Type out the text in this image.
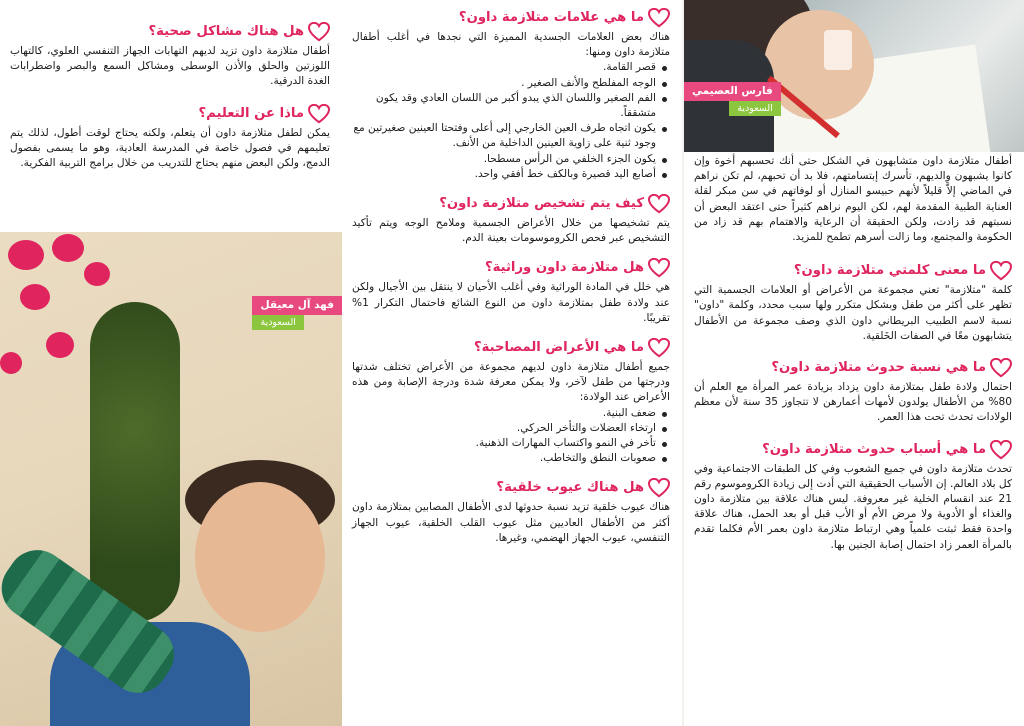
فارس العصيمي
السعودية

أطفال متلازمة داون متشابهون في الشكل حتى أنك تحسبهم أخوة وإن كانوا يشبهون والديهم، تأسرك إبتسامتهم، فلا بد أن تحبهم، لم تكن نراهم في الماضي إلاَّ قليلاً لأنهم حبيسو المنازل أو لوفاتهم في سن مبكر لقلة العناية الطبية المقدمة لهم، لكن اليوم نراهم كثيراً حتى اعتقد البعض أن نسبتهم قد زادت، ولكن الحقيقة أن الرعاية والاهتمام بهم قد زاد من الحكومة والمجتمع، وما زالت أسرهم تطمح للمزيد.

ما معنى كلمتي متلازمة داون؟

كلمة "متلازمة" تعني مجموعة من الأعراض أو العلامات الجسمية التي تظهر على أكثر من طفل وبشكل متكرر ولها سبب محدد، وكلمة "داون" نسبة لاسم الطبيب البريطاني داون الذي وصف مجموعة من الأطفال يتشابهون معًا في الصفات الخَلقية.

ما هي نسبة حدوث متلازمة داون؟

احتمال ولادة طفل بمتلازمة داون يزداد بزيادة عمر المرأة مع العلم أن 80% من الأطفال يولدون لأمهات أعمارهن لا تتجاوز 35 سنة لأن معظم الولادات تحدث تحت هذا العمر.

ما هي أسباب حدوث متلازمة داون؟

تحدث متلازمة داون في جميع الشعوب وفي كل الطبقات الاجتماعية وفي كل بلاد العالم. إن الأسباب الحقيقية التي أدت إلى زيادة الكروموسوم رقم 21 عند انقسام الخلية غير معروفة. ليس هناك علاقة بين متلازمة داون والغذاء أو الأدوية ولا مرض الأم أو الأب قبل أو بعد الحمل، هناك علاقة واحدة فقط ثبتت علمياً وهي ارتباط متلازمة داون بعمر الأم فكلما تقدم بالمرأة العمر زاد احتمال إصابة الجنين بها.

ما هي علامات متلازمة داون؟

هناك بعض العلامات الجسدية المميزة التي نجدها في أغلب أطفال متلازمة داون ومنها:

قصر القامة.
الوجه المفلطح والأنف الصغير .
الفم الصغير واللسان الذي يبدو أكبر من اللسان العادي وقد يكون متشققاً.
يكون اتجاه طرف العين الخارجي إلى أعلى وفتحتا العينين صغيرتين مع وجود ثنية على زاوية العينين الداخلية من الأنف.
يكون الجزء الخلفي من الرأس مسطحا.
أصابع اليد قصيرة وبالكف خط أفقي واحد.
كيف يتم تشخيص متلازمة داون؟

يتم تشخيصها من خلال الأعراض الجسمية وملامح الوجه ويتم تأكيد التشخيص عبر فحص الكروموسومات بعينة الدم.

هل متلازمة داون وراثية؟

هي خلل في المادة الوراثية وفي أغلب الأحيان لا ينتقل بين الأجيال ولكن عند ولادة طفل بمتلازمة داون من النوع الشائع فاحتمال التكرار 1% تقريبًا.

ما هي الأعراض المصاحبة؟

جميع أطفال متلازمة داون لديهم مجموعة من الأعراض تختلف شدتها ودرجتها من طفل لآخر، ولا يمكن معرفة شدة ودرجة الإصابة ومن هذه الأعراض عند الولادة:

ضعف البنية.
ارتخاء العضلات والتأخر الحركي.
تأخر في النمو واكتساب المهارات الذهنية.
صعوبات النطق والتخاطب.
هل هناك عيوب خلقية؟

هناك عيوب خلقية تزيد نسبة حدوثها لدى الأطفال المصابين بمتلازمة داون أكثر من الأطفال العاديين مثل عيوب القلب الخلقية، عيوب الجهاز التنفسي، عيوب الجهاز الهضمي، وغيرها.

هل هناك مشاكل صحية؟

أطفال متلازمة داون تزيد لديهم التهابات الجهاز التنفسي العلوي، كالتهاب اللوزتين والحلق والأذن الوسطى ومشاكل السمع والبصر واضطرابات الغدة الدرقية.

ماذا عن التعليم؟

يمكن لطفل متلازمة داون أن يتعلم، ولكنه يحتاج لوقت أطول، لذلك يتم تعليمهم في فصول خاصة في المدرسة العادية، وهو ما يسمى بفصول الدمج، ولكن البعض منهم يحتاج للتدريب من خلال برامج التربية الفكرية.

فهد آل معيقل
السعودية
